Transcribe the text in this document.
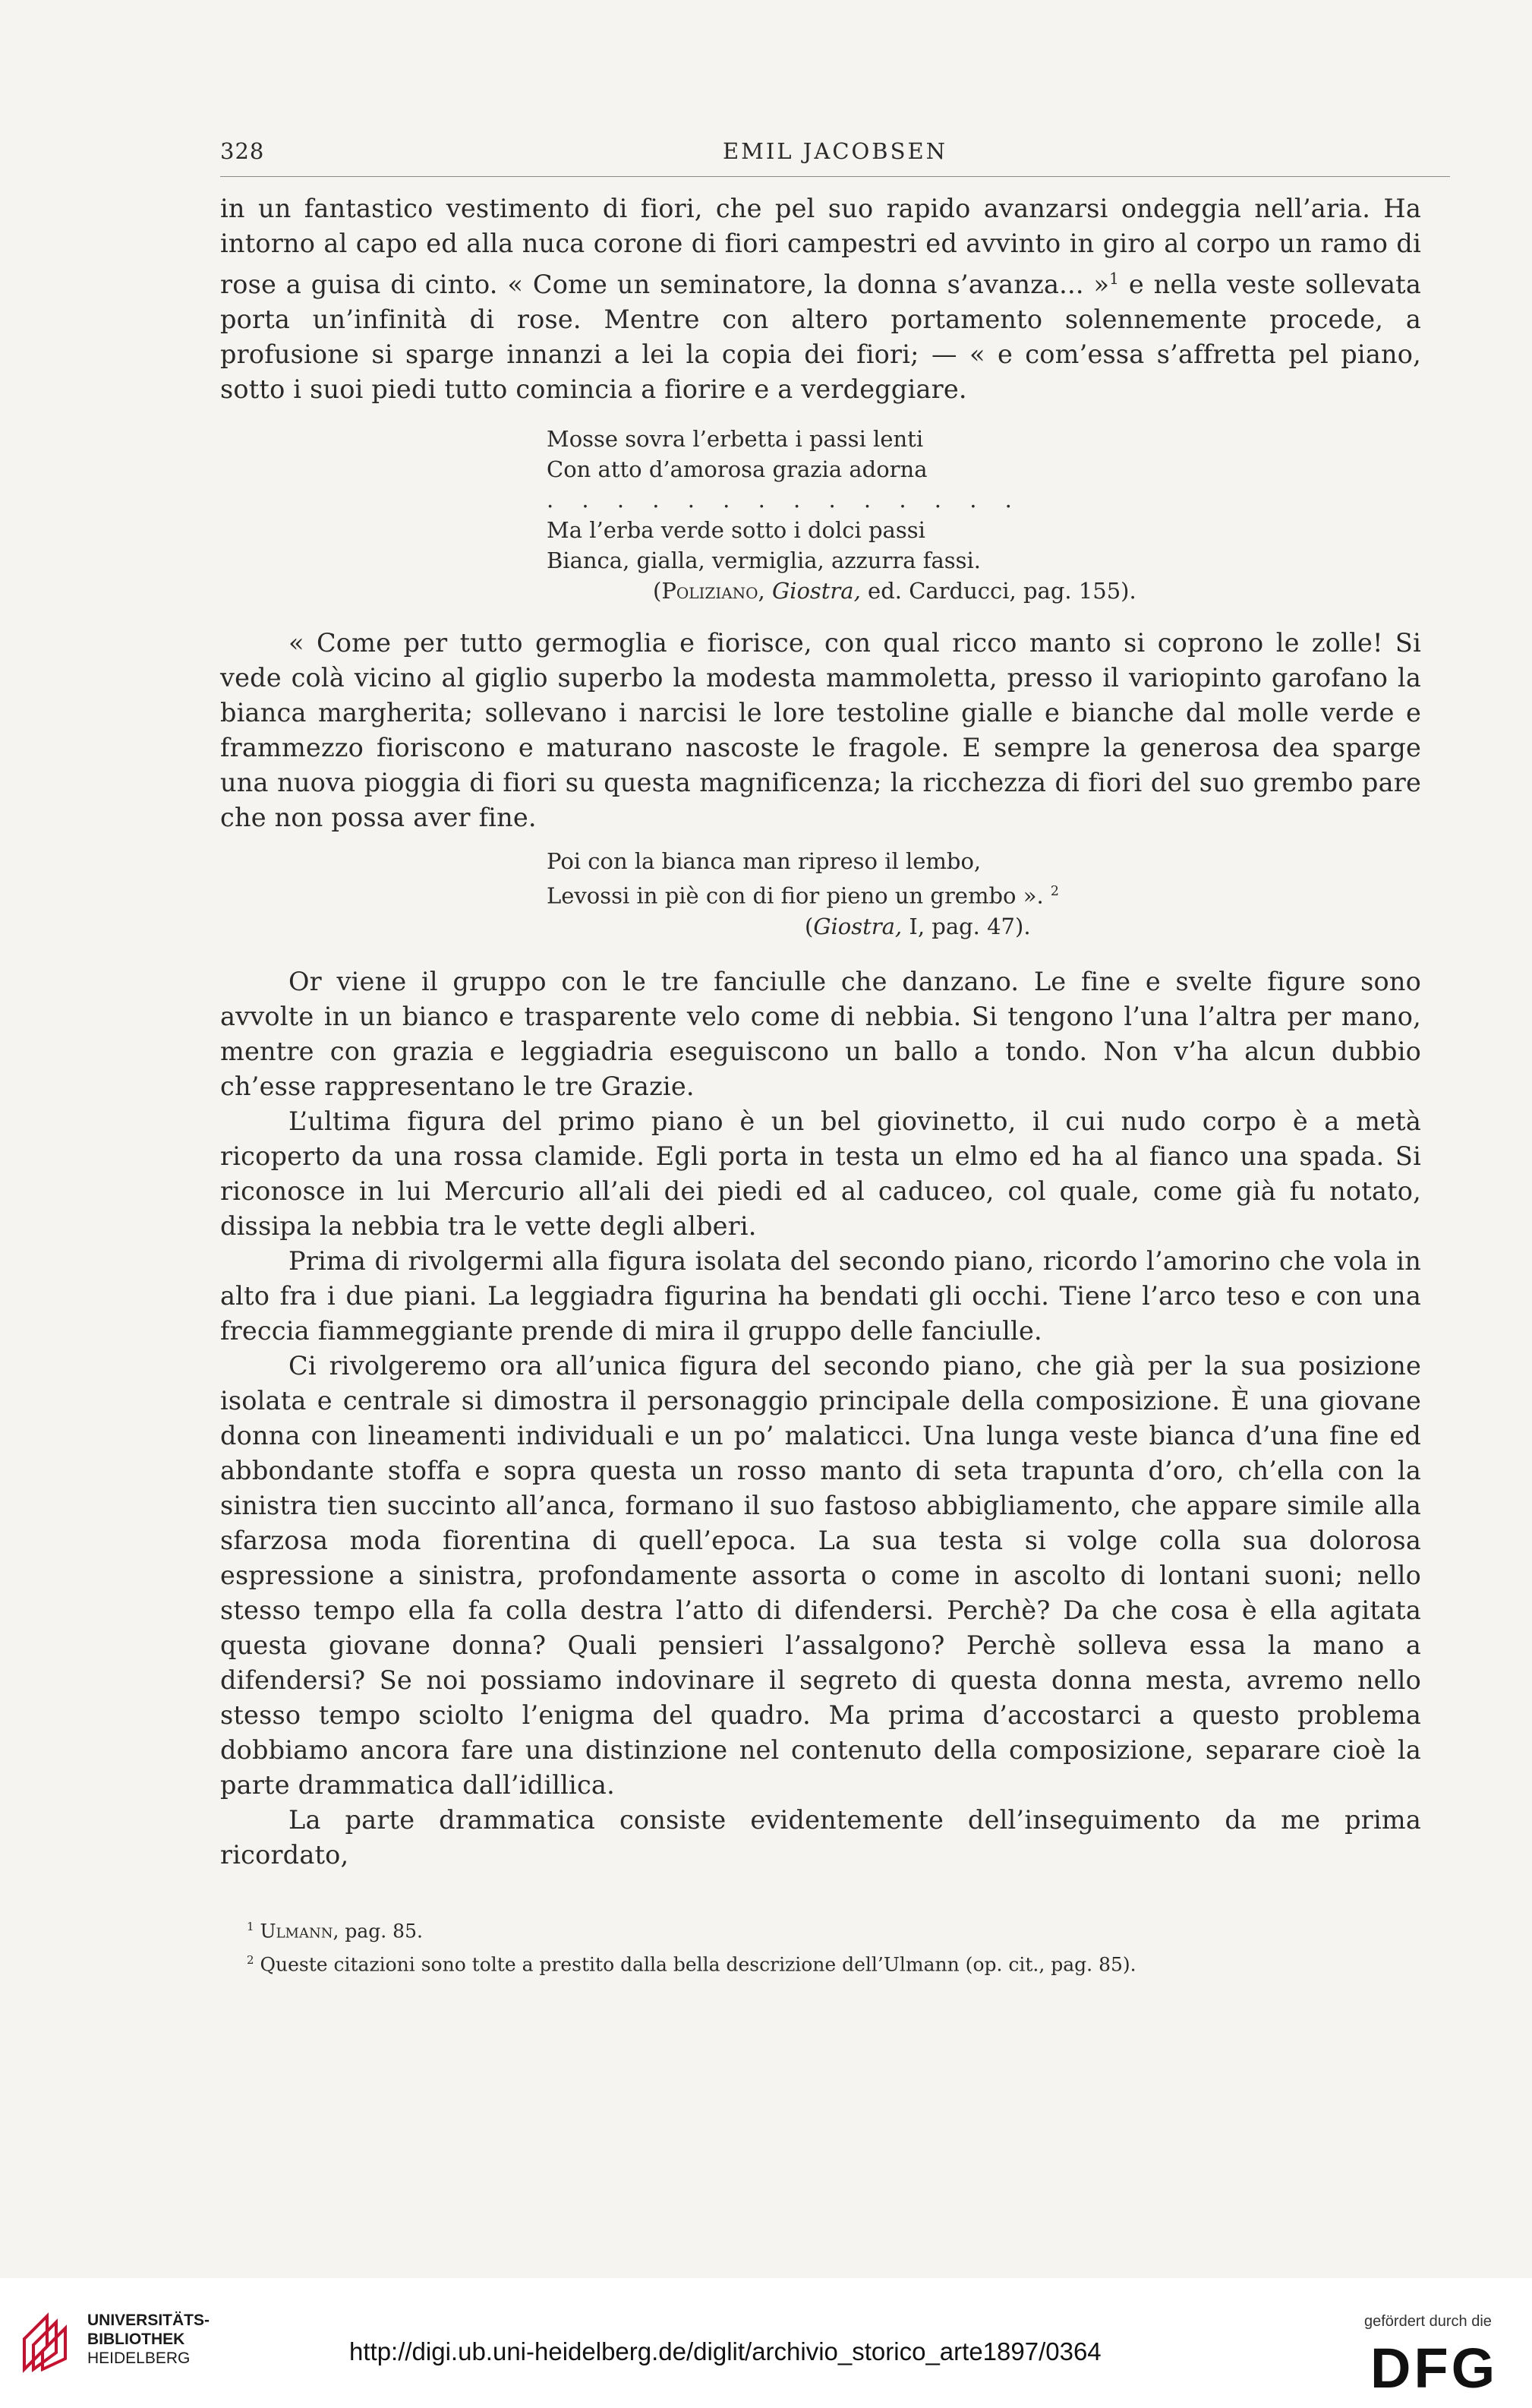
328	EMIL JACOBSEN

in un fantastico vestimento di fiori, che pel suo rapido avanzarsi ondeggia nell’aria. Ha intorno al capo ed alla nuca corone di fiori campestri ed avvinto in giro al corpo un ramo di rose a guisa di cinto. « Come un seminatore, la donna s’avanza... »$^1$ e nella veste sollevata porta un’infinità di rose. Mentre con altero portamento solennemente procede, a profusione si sparge innanzi a lei la copia dei fiori; — « e com’essa s’affretta pel piano, sotto i suoi piedi tutto comincia a fiorire e a verdeggiare.

Mosse sovra l’erbetta i passi lenti

Con atto d’amorosa grazia adorna

. . . . . . . . . . . . . .

Ma l’erba verde sotto i dolci passi

Bianca, gialla, vermiglia, azzurra fassi.

(Poliziano, Giostra, ed. Carducci, pag. 155).

« Come per tutto germoglia e fiorisce, con qual ricco manto si coprono le zolle! Si vede colà vicino al giglio superbo la modesta mammoletta, presso il variopinto garofano la bianca margherita; sollevano i narcisi le lore testoline gialle e bianche dal molle verde e frammezzo fioriscono e maturano nascoste le fragole. E sempre la generosa dea sparge una nuova pioggia di fiori su questa magnificenza; la ricchezza di fiori del suo grembo pare che non possa aver fine.

Poi con la bianca man ripreso il lembo,

Levossi in piè con di fior pieno un grembo ». $^2$

(Giostra, I, pag. 47).

Or viene il gruppo con le tre fanciulle che danzano. Le fine e svelte figure sono avvolte in un bianco e trasparente velo come di nebbia. Si tengono l’una l’altra per mano, mentre con grazia e leggiadria eseguiscono un ballo a tondo. Non v’ha alcun dubbio ch’esse rappresentano le tre Grazie.

L’ultima figura del primo piano è un bel giovinetto, il cui nudo corpo è a metà ricoperto da una rossa clamide. Egli porta in testa un elmo ed ha al fianco una spada. Si riconosce in lui Mercurio all’ali dei piedi ed al caduceo, col quale, come già fu notato, dissipa la nebbia tra le vette degli alberi.

Prima di rivolgermi alla figura isolata del secondo piano, ricordo l’amorino che vola in alto fra i due piani. La leggiadra figurina ha bendati gli occhi. Tiene l’arco teso e con una freccia fiammeggiante prende di mira il gruppo delle fanciulle.

Ci rivolgeremo ora all’unica figura del secondo piano, che già per la sua posizione isolata e centrale si dimostra il personaggio principale della composizione. È una giovane donna con lineamenti individuali e un po’ malaticci. Una lunga veste bianca d’una fine ed abbondante stoffa e sopra questa un rosso manto di seta trapunta d’oro, ch’ella con la sinistra tien succinto all’anca, formano il suo fastoso abbigliamento, che appare simile alla sfarzosa moda fiorentina di quell’epoca. La sua testa si volge colla sua dolorosa espressione a sinistra, profondamente assorta o come in ascolto di lontani suoni; nello stesso tempo ella fa colla destra l’atto di difendersi. Perchè? Da che cosa è ella agitata questa giovane donna? Quali pensieri l’assalgono? Perchè solleva essa la mano a difendersi? Se noi possiamo indovinare il segreto di questa donna mesta, avremo nello stesso tempo sciolto l’enigma del quadro. Ma prima d’accostarci a questo problema dobbiamo ancora fare una distinzione nel contenuto della composizione, separare cioè la parte drammatica dall’idillica.

La parte drammatica consiste evidentemente dell’inseguimento da me prima ricordato,

$^1$ Ulmann, pag. 85.
$^2$ Queste citazioni sono tolte a prestito dalla bella descrizione dell’Ulmann (op. cit., pag. 85).
UNIVERSITÄTS-
BIBLIOTHEK
HEIDELBERG	http://digi.ub.uni-heidelberg.de/diglit/archivio_storico_arte1897/0364
gefördert durch die
DFG
